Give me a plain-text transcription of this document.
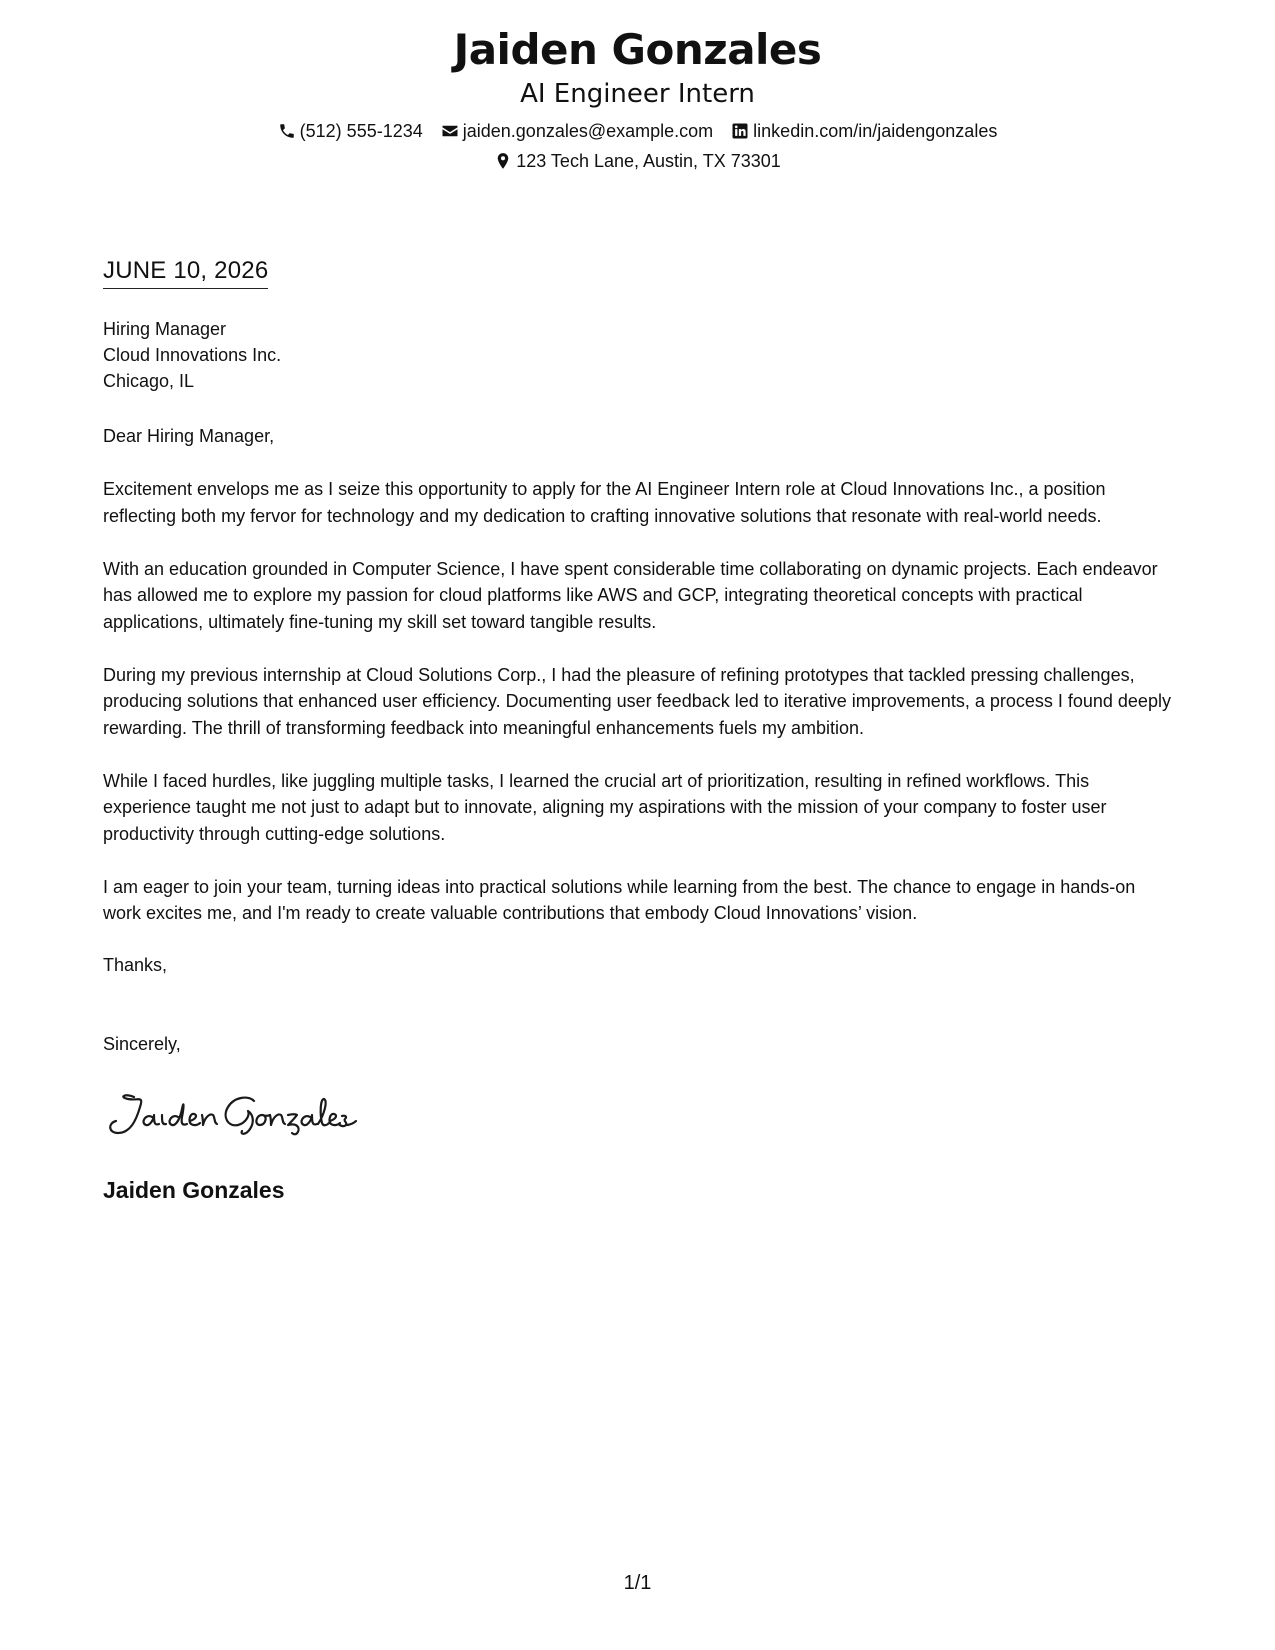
Jaiden Gonzales
AI Engineer Intern
(512) 555-1234 jaiden.gonzales@example.com linkedin.com/in/jaidengonzales
123 Tech Lane, Austin, TX 73301
JUNE 10, 2026
Hiring Manager
Cloud Innovations Inc.
Chicago, IL

Dear Hiring Manager,

Excitement envelops me as I seize this opportunity to apply for the AI Engineer Intern role at Cloud Innovations Inc., a position reflecting both my fervor for technology and my dedication to crafting innovative solutions that resonate with real-world needs.

With an education grounded in Computer Science, I have spent considerable time collaborating on dynamic projects. Each endeavor has allowed me to explore my passion for cloud platforms like AWS and GCP, integrating theoretical concepts with practical applications, ultimately fine-tuning my skill set toward tangible results.

During my previous internship at Cloud Solutions Corp., I had the pleasure of refining prototypes that tackled pressing challenges, producing solutions that enhanced user efficiency. Documenting user feedback led to iterative improvements, a process I found deeply rewarding. The thrill of transforming feedback into meaningful enhancements fuels my ambition.

While I faced hurdles, like juggling multiple tasks, I learned the crucial art of prioritization, resulting in refined workflows. This experience taught me not just to adapt but to innovate, aligning my aspirations with the mission of your company to foster user productivity through cutting-edge solutions.

I am eager to join your team, turning ideas into practical solutions while learning from the best. The chance to engage in hands-on work excites me, and I'm ready to create valuable contributions that embody Cloud Innovations’ vision.

Thanks,
Sincerely,
Jaiden Gonzales
1/1
